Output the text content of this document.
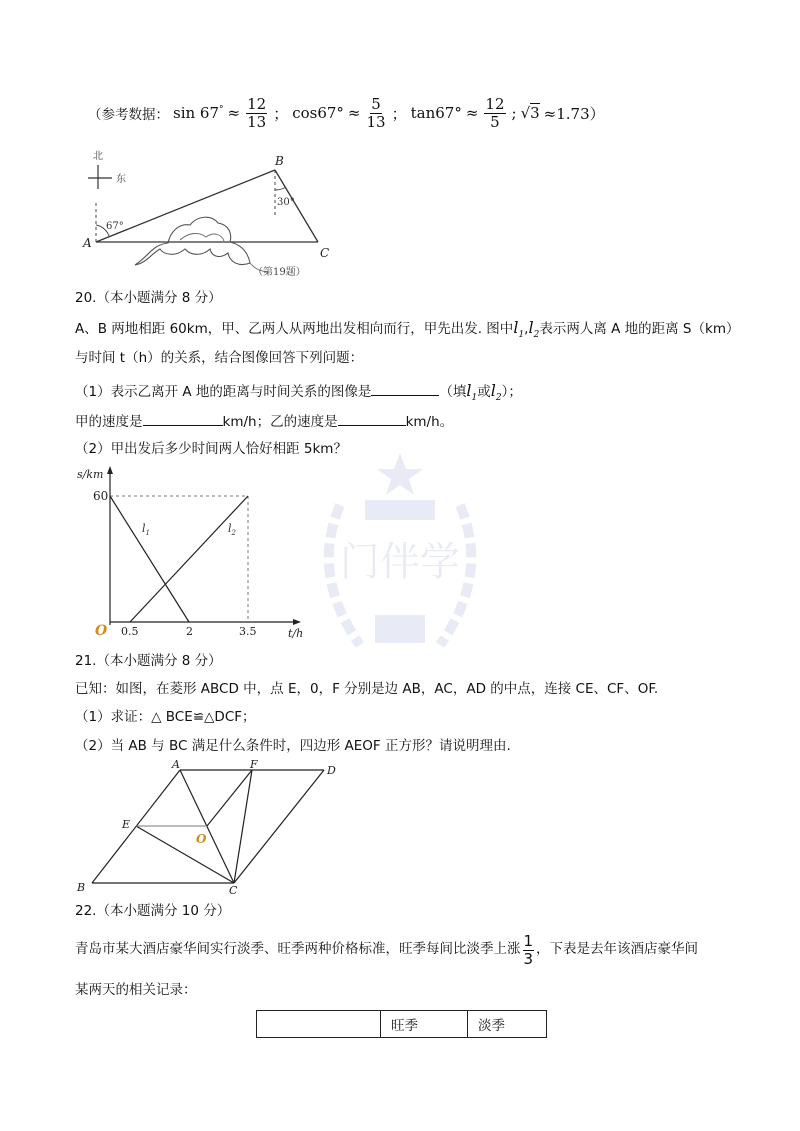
（参考数据： $\sin 67^\circ \approx \frac{12}{13}$ ； $\cos 67^\circ \approx \frac{5}{13}$ ； $\tan 67^\circ \approx \frac{12}{5}$ ; √3 ≈1.73）
北
东
67°
30°
A
B
C
（第19题）
20.（本小题满分 8 分）
A、B 两地相距 60km，甲、乙两人从两地出发相向而行，甲先出发. 图中 $l_1$ , $l_2$ 表示两人离 A 地的距离 S（km）
与时间 t（h）的关系，结合图像回答下列问题：
（1）表示乙离开 A 地的距离与时间关系的图像是	（填 $l_1$ 或 $l_2$ ）；
甲的速度是	km/h；乙的速度是	km/h。
（2）甲出发后多少时间两人恰好相距 5km？
门伴学
s/km
t/h
60
O 0.5	2	3.5
$l_1$	$l_2$
21.（本小题满分 8 分）
已知：如图，在菱形 ABCD 中，点 E，0，F 分别是边 AB，AC，AD 的中点，连接 CE、CF、OF.
（1）求证：△ BCE≌△DCF；
（2）当 AB 与 BC 满足什么条件时，四边形 AEOF 正方形？请说明理由.
A	D
F
E
O
B	C
22.（本小题满分 10 分）
青岛市某大酒店豪华间实行淡季、旺季两种价格标准，旺季每间比淡季上涨 $\frac{1}{3}$ ，下表是去年该酒店豪华间
某两天的相关记录：
	旺季	淡季
